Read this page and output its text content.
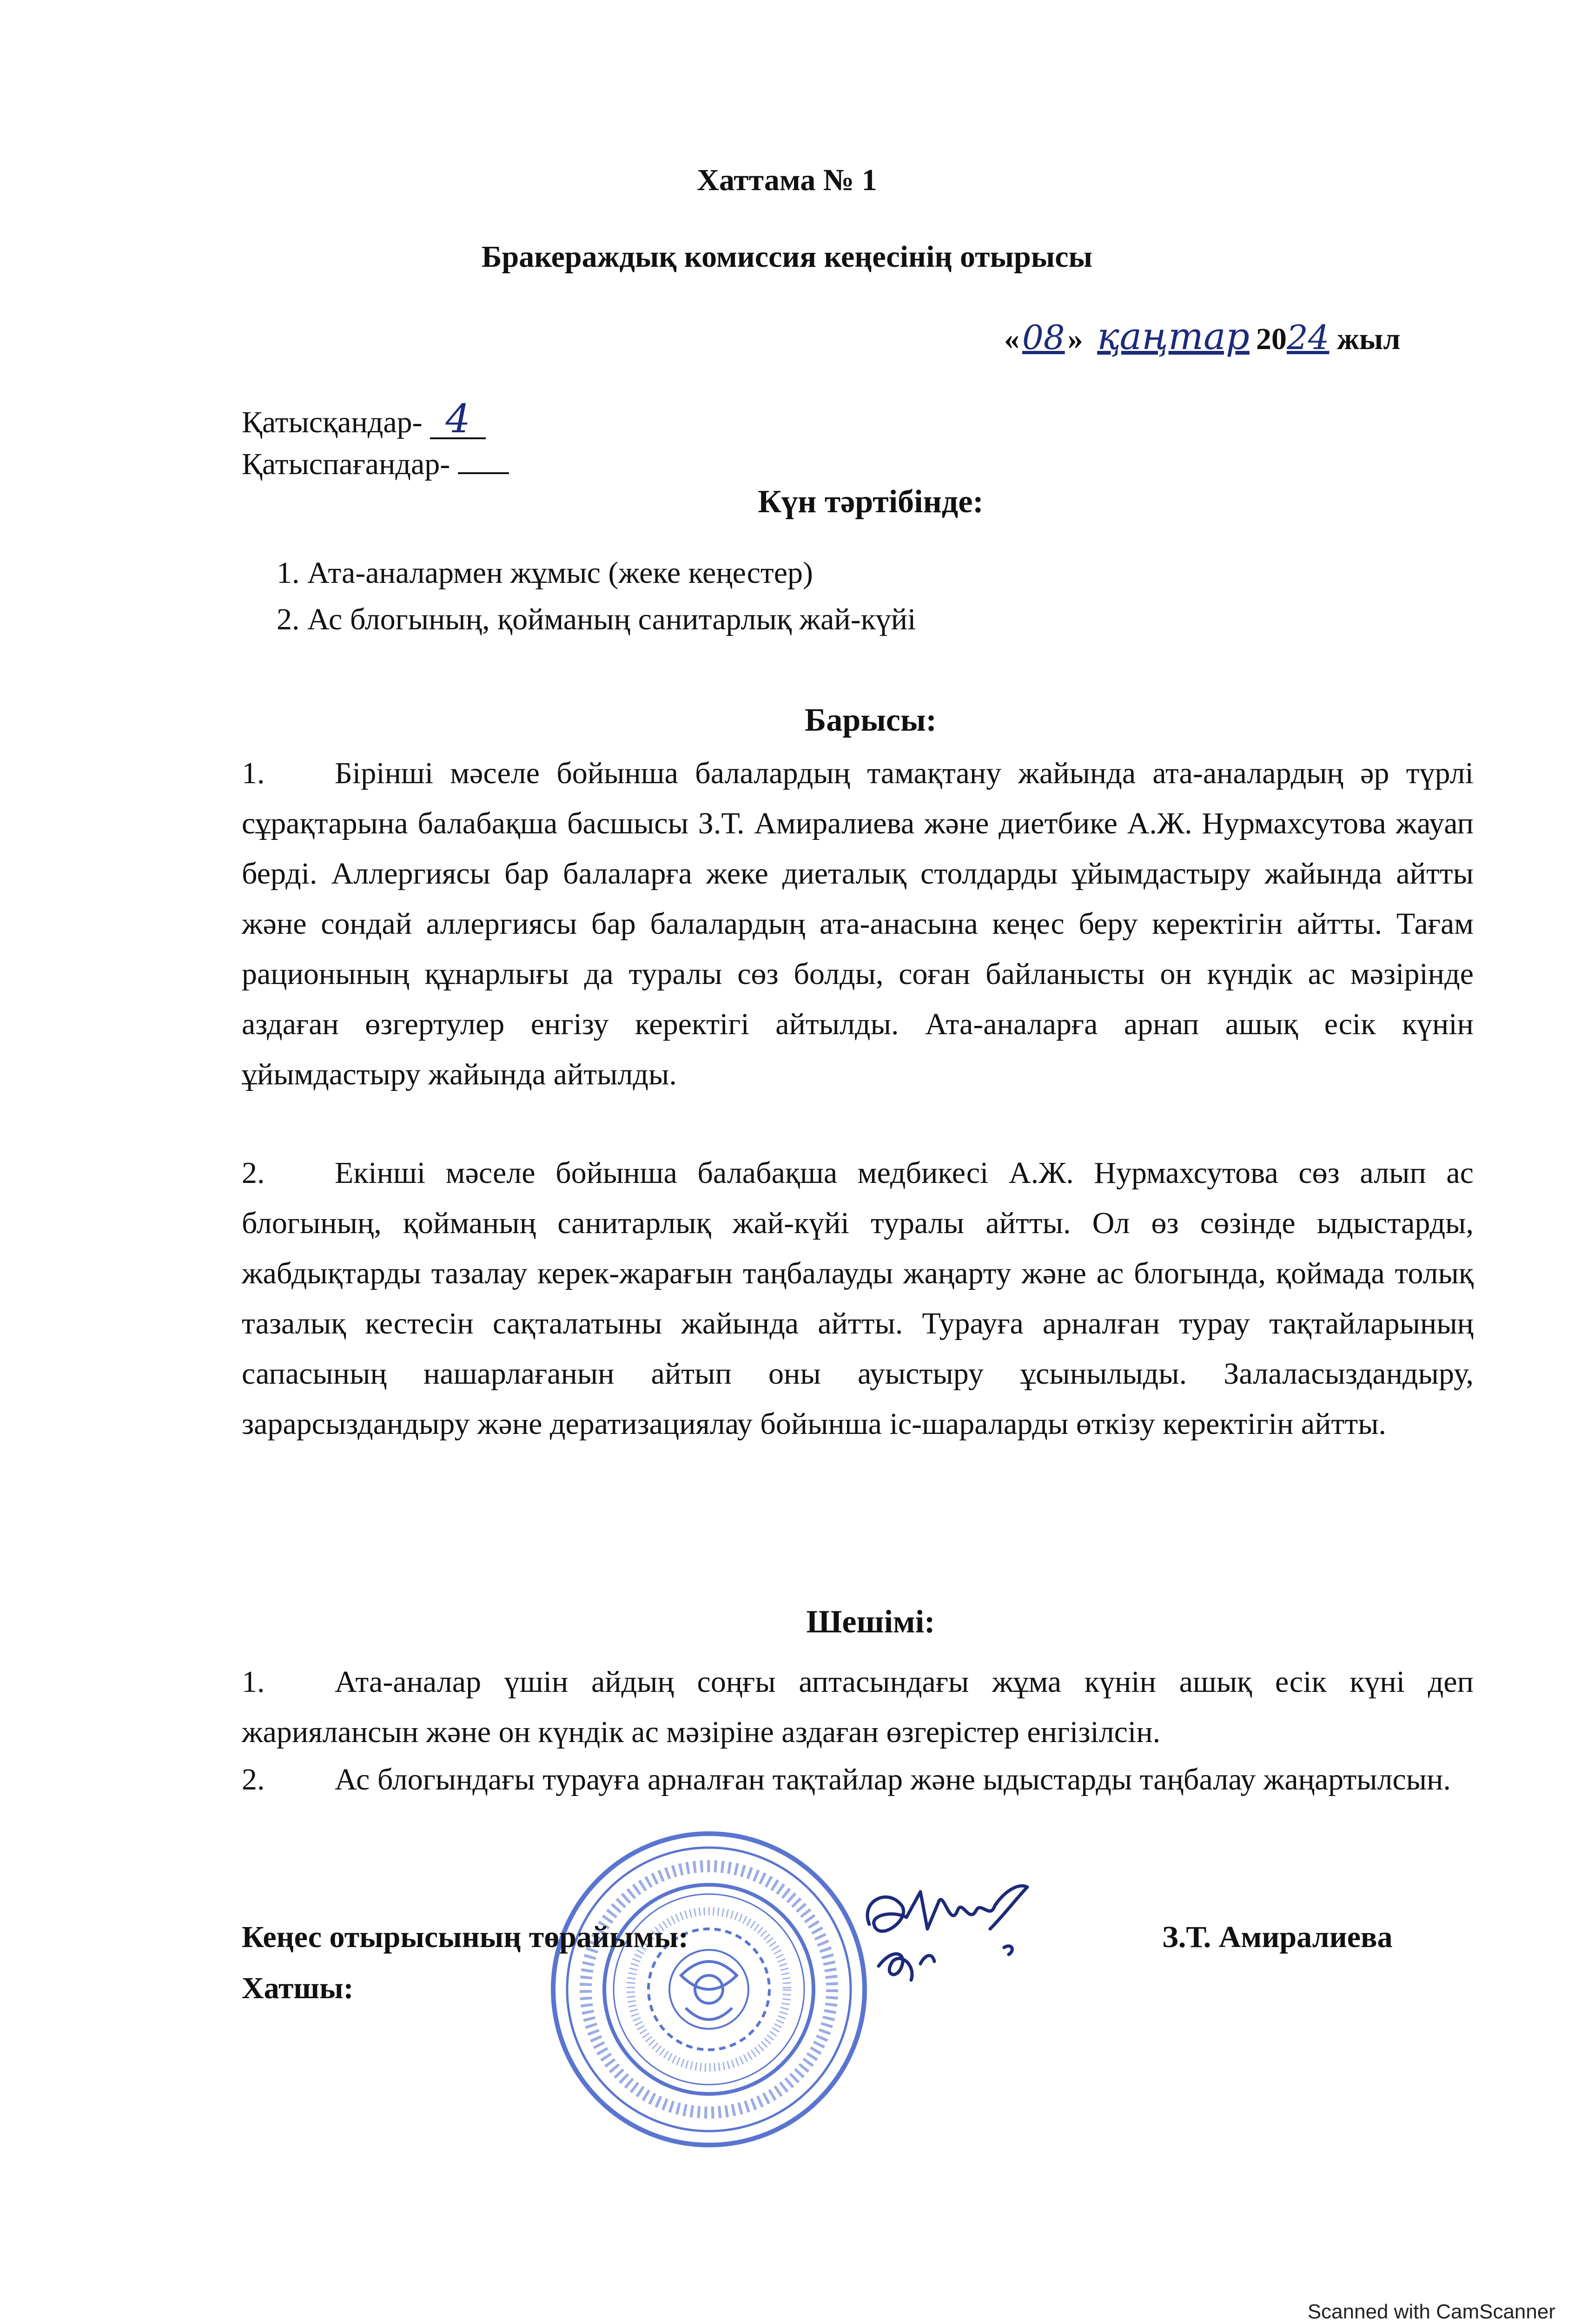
Хаттама № 1
Бракераждық комиссия кеңесінің отырысы
«08» қаңтар 2024 жыл
Қатысқандар- 4
Қатыспағандар-
Күн тәртібінде:
1. Ата-аналармен жұмыс (жеке кеңестер)
2. Ас блогының, қойманың санитарлық жай-күйі
Барысы:
1. Бірінші мәселе бойынша балалардың тамақтану жайында ата-аналардың әр түрлі сұрақтарына балабақша басшысы З.Т. Амиралиева және диетбике А.Ж. Нурмахсутова жауап берді. Аллергиясы бар балаларға жеке диеталық столдарды ұйымдастыру жайында айтты және сондай аллергиясы бар балалардың ата-анасына кеңес беру керектігін айтты. Тағам рационының құнарлығы да туралы сөз болды, соған байланысты он күндік ас мәзірінде аздаған өзгертулер енгізу керектігі айтылды. Ата-аналарға арнап ашық есік күнін ұйымдастыру жайында айтылды.
2. Екінші мәселе бойынша балабақша медбикесі А.Ж. Нурмахсутова сөз алып ас блогының, қойманың санитарлық жай-күйі туралы айтты. Ол өз сөзінде ыдыстарды, жабдықтарды тазалау керек-жарағын таңбалауды жаңарту және ас блогында, қоймада толық тазалық кестесін сақталатыны жайында айтты. Турауға арналған турау тақтайларының сапасының нашарлағанын айтып оны ауыстыру ұсынылыды. Залаласыздандыру, зарарсыздандыру және дератизациялау бойынша іс-шараларды өткізу керектігін айтты.
Шешімі:
1. Ата-аналар үшін айдың соңғы аптасындағы жұма күнін ашық есік күні деп жариялансын және он күндік ас мәзіріне аздаған өзгерістер енгізілсін.
2. Ас блогындағы турауға арналған тақтайлар және ыдыстарды таңбалау жаңартылсын.
Кеңес отырысының төрайымы:	З.Т. Амиралиева
Хатшы:
Scanned with CamScanner
